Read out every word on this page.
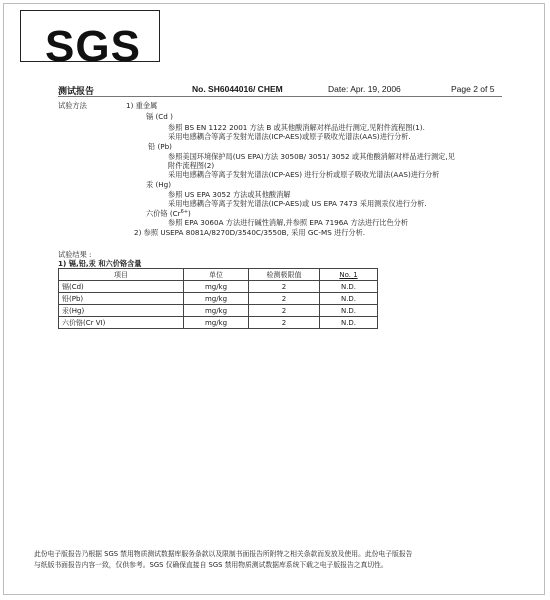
SGS
测试报告	No. SH6044016/ CHEM	Date: Apr. 19, 2006	Page 2 of 5
试验方法	1) 重金属
镉 (Cd )
参照 BS EN 1122 2001 方法 B 或其他酸消解对样品进行测定,见附件流程图(1).
采用电感耦合等离子发射光谱法(ICP-AES)或原子吸收光谱法(AAS)进行分析.
铅 (Pb)
参照美国环境保护局(US EPA)方法 3050B/ 3051/ 3052 或其他酸消解对样品进行测定,见
附件流程图(2)
采用电感耦合等离子发射光谱法(ICP-AES) 进行分析或原子吸收光谱法(AAS)进行分析
汞 (Hg)
参照 US EPA 3052 方法或其他酸消解
采用电感耦合等离子发射光谱法(ICP-AES)或 US EPA 7473 采用测汞仪进行分析.
六价铬 $(Cr^{6+})$
参照 EPA 3060A 方法进行碱性消解,并参照 EPA 7196A 方法进行比色分析
2) 参照 USEPA 8081A/8270D/3540C/3550B, 采用 GC-MS 进行分析.
试验结果 :
1) 镉,铅,汞 和六价铬含量
项目	单位	检测极限值	No. 1
镉(Cd)	mg/kg	2	N.D.
铅(Pb)	mg/kg	2	N.D.
汞(Hg)	mg/kg	2	N.D.
六价铬(Cr VI)	mg/kg	2	N.D.
此份电子版报告乃根据 SGS 禁用物质测试数据库服务条款以及限制书面报告所附特之相关条款而发放及使用。此份电子版报告
与纸版书面报告内容一致，仅供参考。SGS 仅确保直接自 SGS 禁用物质测试数据库系统下载之电子版报告之真切性。
